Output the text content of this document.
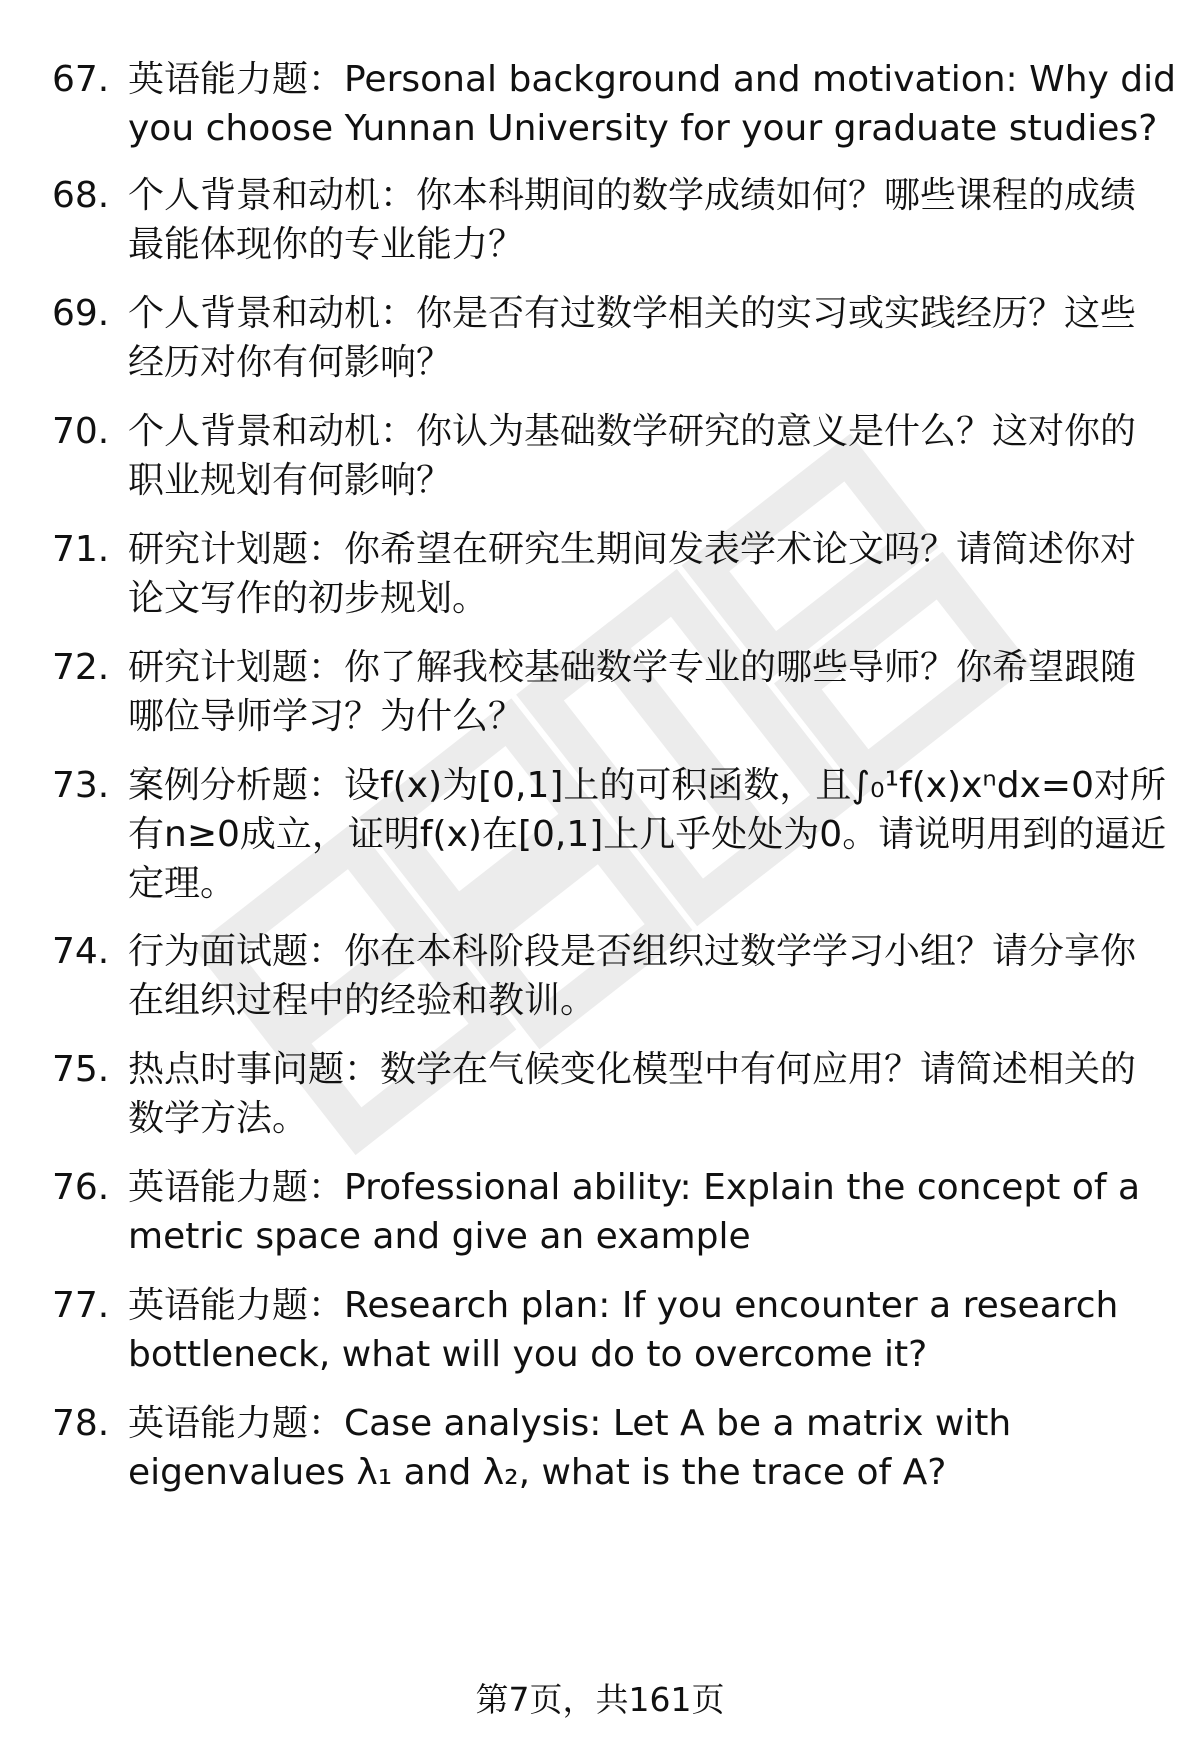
67. 英语能力题：Personal background and motivation: Why did
you choose Yunnan University for your graduate studies?
68. 个人背景和动机：你本科期间的数学成绩如何？哪些课程的成绩
最能体现你的专业能力？
69. 个人背景和动机：你是否有过数学相关的实习或实践经历？这些
经历对你有何影响？
70. 个人背景和动机：你认为基础数学研究的意义是什么？这对你的
职业规划有何影响？
71. 研究计划题：你希望在研究生期间发表学术论文吗？请简述你对
论文写作的初步规划。
72. 研究计划题：你了解我校基础数学专业的哪些导师？你希望跟随
哪位导师学习？为什么？
73. 案例分析题：设f(x)为[0,1]上的可积函数，且∫₀¹f(x)xⁿdx=0对所
有n≥0成立，证明f(x)在[0,1]上几乎处处为0。请说明用到的逼近
定理。
74. 行为面试题：你在本科阶段是否组织过数学学习小组？请分享你
在组织过程中的经验和教训。
75. 热点时事问题：数学在气候变化模型中有何应用？请简述相关的
数学方法。
76. 英语能力题：Professional ability: Explain the concept of a
metric space and give an example
77. 英语能力题：Research plan: If you encounter a research
bottleneck, what will you do to overcome it?
78. 英语能力题：Case analysis: Let A be a matrix with
eigenvalues λ₁ and λ₂, what is the trace of A?
第7页，共161页
